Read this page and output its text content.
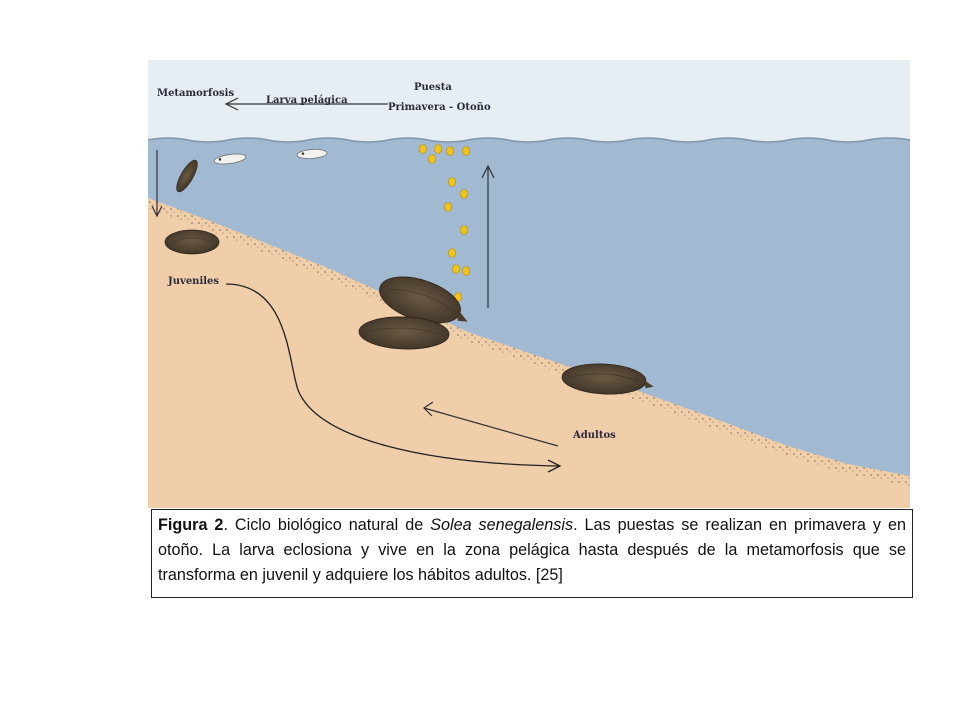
Metamorfosis
Larva pelágica
Puesta
Primavera - Otoño
Juveniles
Adultos
Figura 2. Ciclo biológico natural de Solea senegalensis. Las puestas se realizan en primavera y en otoño. La larva eclosiona y vive en la zona pelágica hasta después de la metamorfosis que se transforma en juvenil y adquiere los hábitos adultos. [25]
